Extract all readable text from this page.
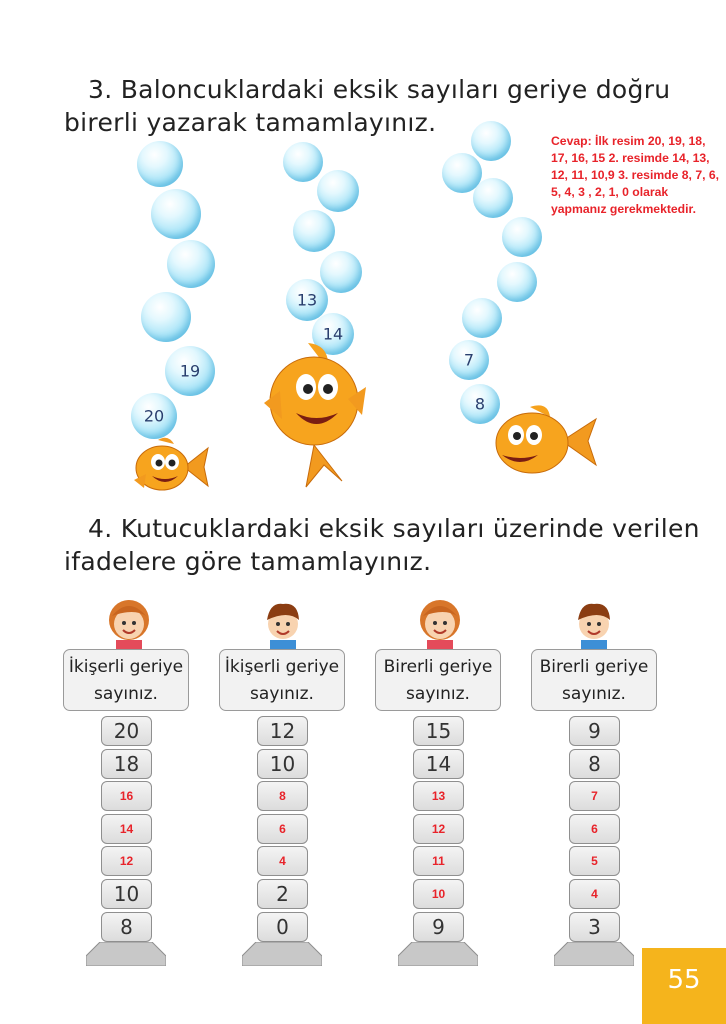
3. Baloncuklardaki eksik sayıları geriye doğru
birerli yazarak tamamlayınız.
Cevap: İlk resim 20, 19, 18, 17, 16, 15 2. resimde 14, 13, 12, 11, 10,9 3. resimde 8, 7, 6, 5, 4, 3 , 2, 1, 0 olarak yapmanız gerekmektedir.
19
20
13
14
7
8
4. Kutucuklardaki eksik sayıları üzerinde verilen
ifadelere göre tamamlayınız.
İkişerli geriye
sayınız.
İkişerli geriye
sayınız.
Birerli geriye
sayınız.
Birerli geriye
sayınız.
20
18
16
14
12
10
8
12
10
8
6
4
2
0
15
14
13
12
11
10
9
9
8
7
6
5
4
3
55
